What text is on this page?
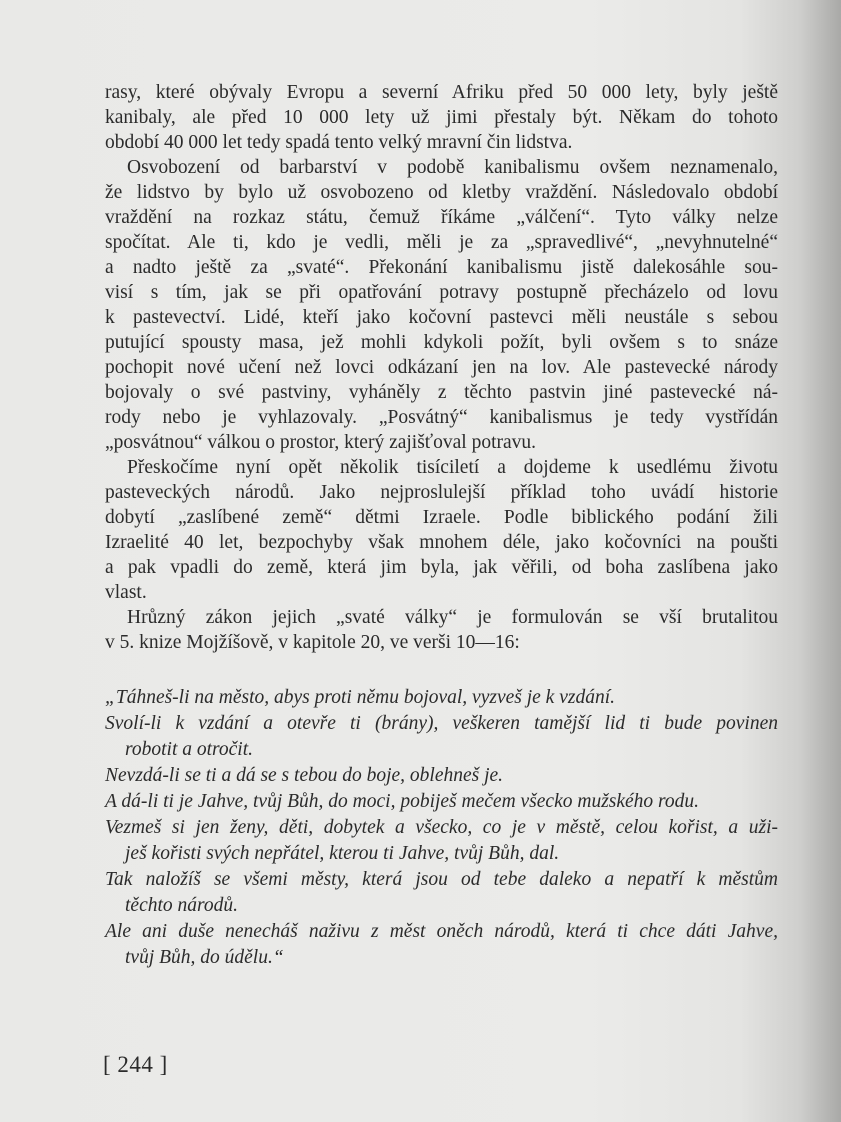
rasy, které obývaly Evropu a severní Afriku před 50 000 lety, byly ještě
kanibaly, ale před 10 000 lety už jimi přestaly být. Někam do tohoto
období 40 000 let tedy spadá tento velký mravní čin lidstva.
Osvobození od barbarství v podobě kanibalismu ovšem neznamenalo,
že lidstvo by bylo už osvobozeno od kletby vraždění. Následovalo období
vraždění na rozkaz státu, čemuž říkáme „válčení“. Tyto války nelze
spočítat. Ale ti, kdo je vedli, měli je za „spravedlivé“, „nevyhnutelné“
a nadto ještě za „svaté“. Překonání kanibalismu jistě dalekosáhle sou-
visí s tím, jak se při opatřování potravy postupně přecházelo od lovu
k pastevectví. Lidé, kteří jako kočovní pastevci měli neustále s sebou
putující spousty masa, jež mohli kdykoli požít, byli ovšem s to snáze
pochopit nové učení než lovci odkázaní jen na lov. Ale pastevecké národy
bojovaly o své pastviny, vyháněly z těchto pastvin jiné pastevecké ná-
rody nebo je vyhlazovaly. „Posvátný“ kanibalismus je tedy vystřídán
„posvátnou“ válkou o prostor, který zajišťoval potravu.
Přeskočíme nyní opět několik tisíciletí a dojdeme k usedlému životu
pasteveckých národů. Jako nejproslulejší příklad toho uvádí historie
dobytí „zaslíbené země“ dětmi Izraele. Podle biblického podání žili
Izraelité 40 let, bezpochyby však mnohem déle, jako kočovníci na poušti
a pak vpadli do země, která jim byla, jak věřili, od boha zaslíbena jako
vlast.
Hrůzný zákon jejich „svaté války“ je formulován se vší brutalitou
v 5. knize Mojžíšově, v kapitole 20, ve verši 10—16:
„Táhneš-li na město, abys proti němu bojoval, vyzveš je k vzdání.
Svolí-li k vzdání a otevře ti (brány), veškeren tamější lid ti bude povinen
robotit a otročit.
Nevzdá-li se ti a dá se s tebou do boje, oblehneš je.
A dá-li ti je Jahve, tvůj Bůh, do moci, pobiješ mečem všecko mužského rodu.
Vezmeš si jen ženy, děti, dobytek a všecko, co je v městě, celou kořist, a uži-
ješ kořisti svých nepřátel, kterou ti Jahve, tvůj Bůh, dal.
Tak naložíš se všemi městy, která jsou od tebe daleko a nepatří k městům
těchto národů.
Ale ani duše nenecháš naživu z měst oněch národů, která ti chce dáti Jahve,
tvůj Bůh, do údělu.“
[ 244 ]
